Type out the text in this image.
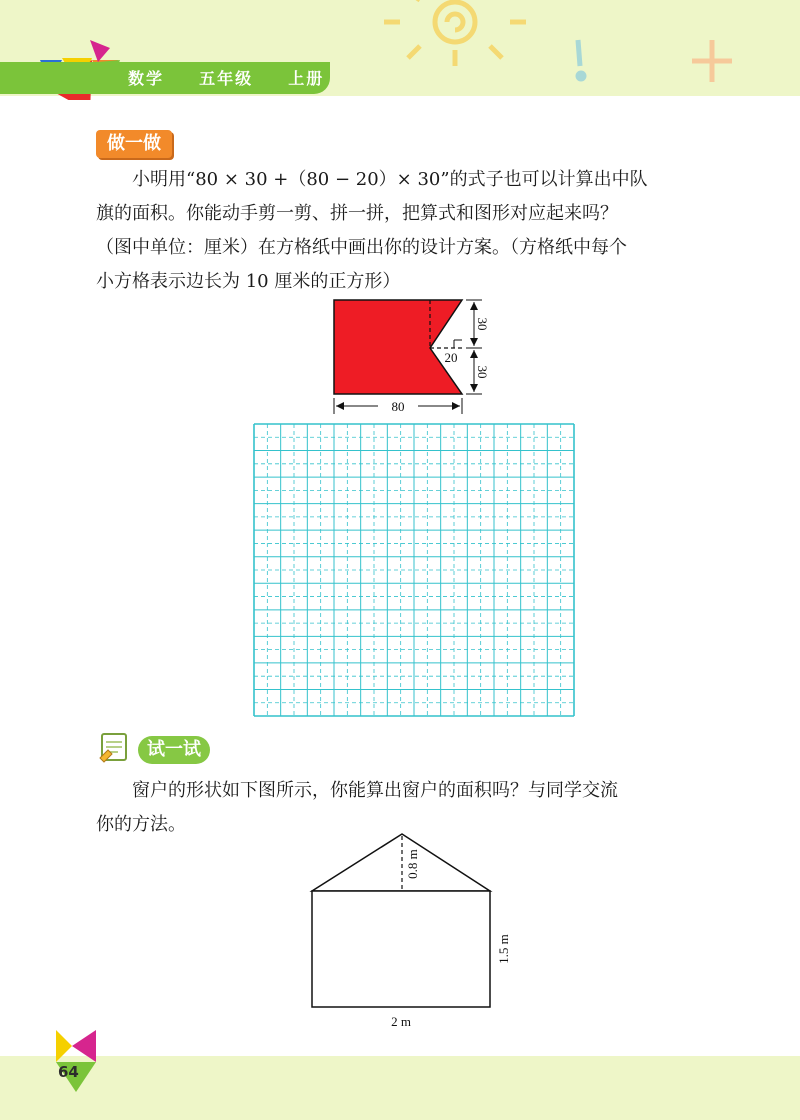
数学  五年级  上册
做一做
小明用“80 × 30 +（80 − 20）× 30”的式子也可以计算出中队
旗的面积。你能动手剪一剪、拼一拼，把算式和图形对应起来吗？
（图中单位：厘米）在方格纸中画出你的设计方案。（方格纸中每个
小方格表示边长为 10 厘米的正方形）
30
30
20
80
试一试
窗户的形状如下图所示，你能算出窗户的面积吗？与同学交流
你的方法。
0.8 m
1.5 m
2 m
64
